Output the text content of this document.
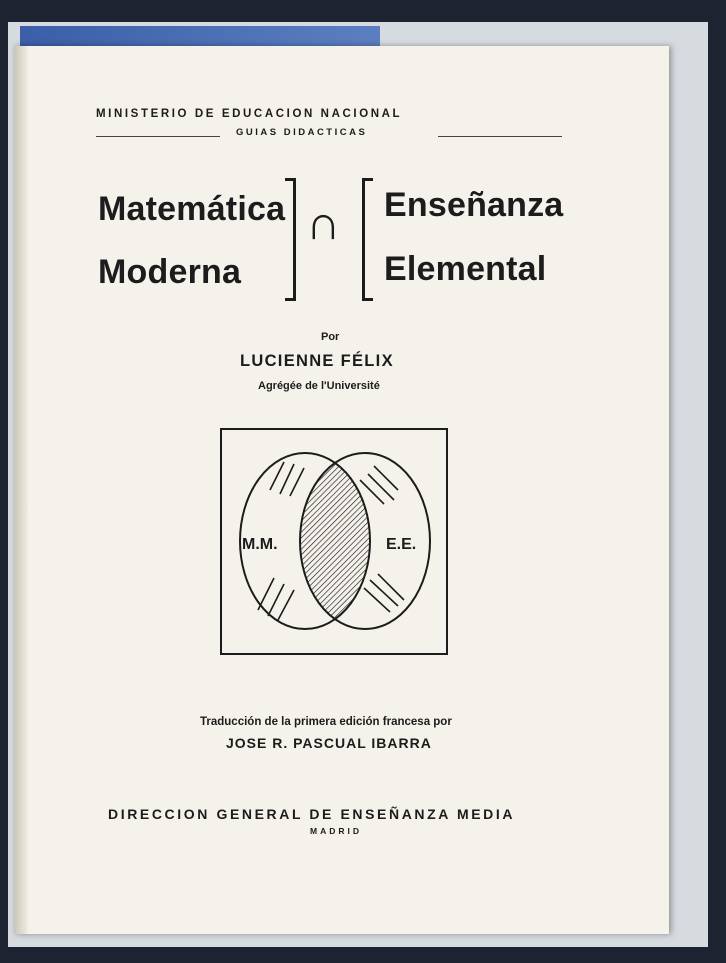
MINISTERIO DE EDUCACION NACIONAL
GUIAS DIDACTICAS
Matemática
Moderna
∩ Enseñanza
Elemental
Por
LUCIENNE FÉLIX
Agrégée de l'Université
M.M.	E.E.
Traducción de la primera edición francesa por
JOSE R. PASCUAL IBARRA
DIRECCION GENERAL DE ENSEÑANZA MEDIA
MADRID
